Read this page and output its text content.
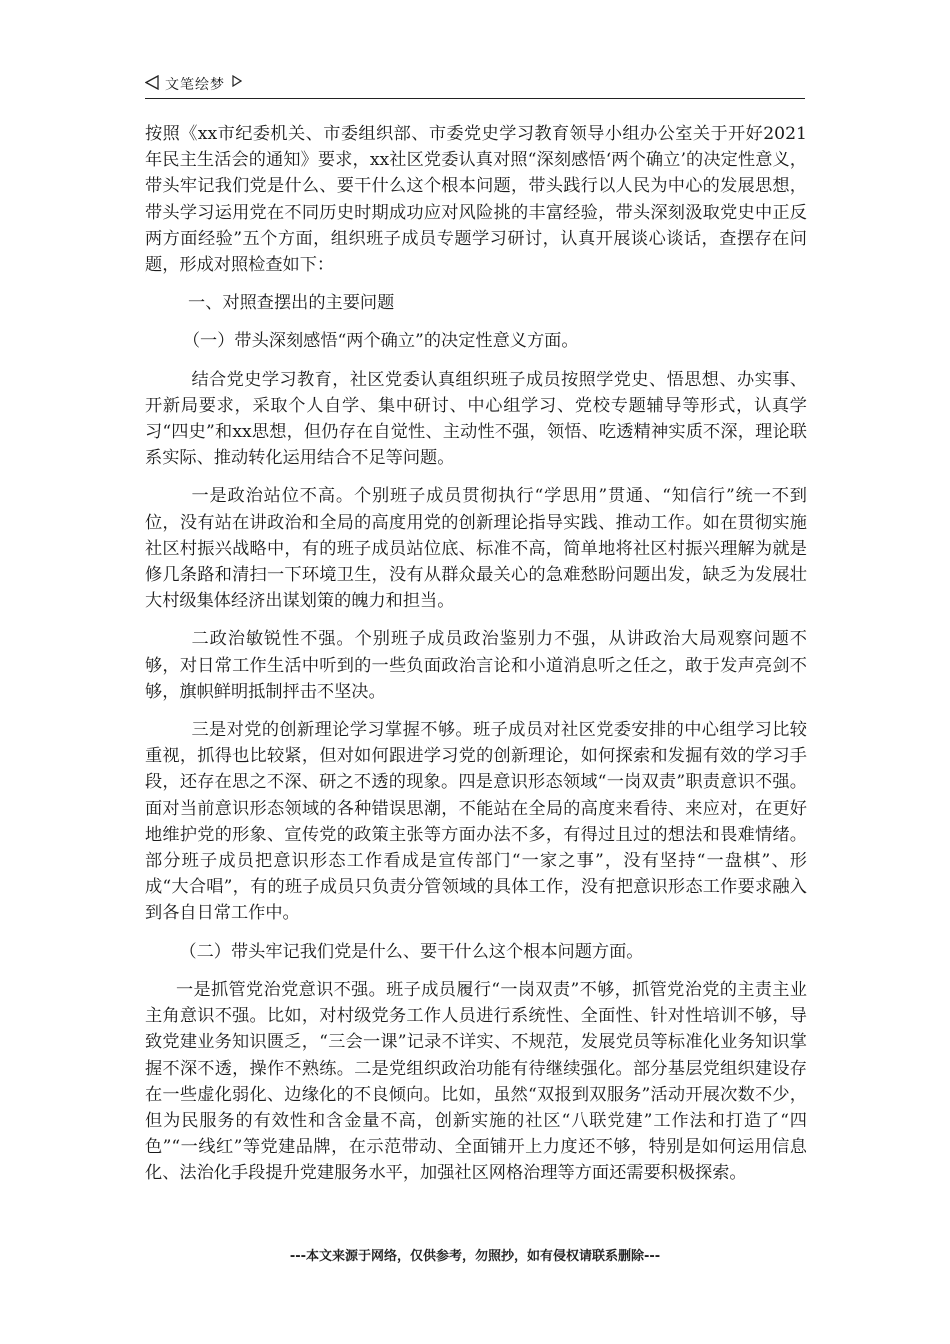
文笔绘梦

按照《xx市纪委机关、市委组织部、市委党史学习教育领导小组办公室关于开好2021年民主生活会的通知》要求，xx社区党委认真对照“深刻感悟‘两个确立’的决定性意义，带头牢记我们党是什么、要干什么这个根本问题，带头践行以人民为中心的发展思想，带头学习运用党在不同历史时期成功应对风险挑的丰富经验，带头深刻汲取党史中正反两方面经验”五个方面，组织班子成员专题学习研讨，认真开展谈心谈话，查摆存在问题，形成对照检查如下：

一、对照查摆出的主要问题

（一）带头深刻感悟“两个确立”的决定性意义方面。

结合党史学习教育，社区党委认真组织班子成员按照学党史、悟思想、办实事、开新局要求，采取个人自学、集中研讨、中心组学习、党校专题辅导等形式，认真学习“四史”和xx思想，但仍存在自觉性、主动性不强，领悟、吃透精神实质不深，理论联系实际、推动转化运用结合不足等问题。

一是政治站位不高。个别班子成员贯彻执行“学思用”贯通、“知信行”统一不到位，没有站在讲政治和全局的高度用党的创新理论指导实践、推动工作。如在贯彻实施社区村振兴战略中，有的班子成员站位底、标准不高，简单地将社区村振兴理解为就是修几条路和清扫一下环境卫生，没有从群众最关心的急难愁盼问题出发，缺乏为发展壮大村级集体经济出谋划策的魄力和担当。

二政治敏锐性不强。个别班子成员政治鉴别力不强，从讲政治大局观察问题不够，对日常工作生活中听到的一些负面政治言论和小道消息听之任之，敢于发声亮剑不够，旗帜鲜明抵制抨击不坚决。

三是对党的创新理论学习掌握不够。班子成员对社区党委安排的中心组学习比较重视，抓得也比较紧，但对如何跟进学习党的创新理论，如何探索和发掘有效的学习手段，还存在思之不深、研之不透的现象。四是意识形态领域“一岗双责”职责意识不强。面对当前意识形态领域的各种错误思潮，不能站在全局的高度来看待、来应对，在更好地维护党的形象、宣传党的政策主张等方面办法不多，有得过且过的想法和畏难情绪。部分班子成员把意识形态工作看成是宣传部门“一家之事”，没有坚持“一盘棋”、形成“大合唱”，有的班子成员只负责分管领域的具体工作，没有把意识形态工作要求融入到各自日常工作中。

（二）带头牢记我们党是什么、要干什么这个根本问题方面。

一是抓管党治党意识不强。班子成员履行“一岗双责”不够，抓管党治党的主责主业主角意识不强。比如，对村级党务工作人员进行系统性、全面性、针对性培训不够，导致党建业务知识匮乏，“三会一课”记录不详实、不规范，发展党员等标准化业务知识掌握不深不透，操作不熟练。二是党组织政治功能有待继续强化。部分基层党组织建设存在一些虚化弱化、边缘化的不良倾向。比如，虽然“双报到双服务”活动开展次数不少，但为民服务的有效性和含金量不高，创新实施的社区“八联党建”工作法和打造了“四色”“一线红”等党建品牌，在示范带动、全面铺开上力度还不够，特别是如何运用信息化、法治化手段提升党建服务水平，加强社区网格治理等方面还需要积极探索。

---本文来源于网络，仅供参考，勿照抄，如有侵权请联系删除---
